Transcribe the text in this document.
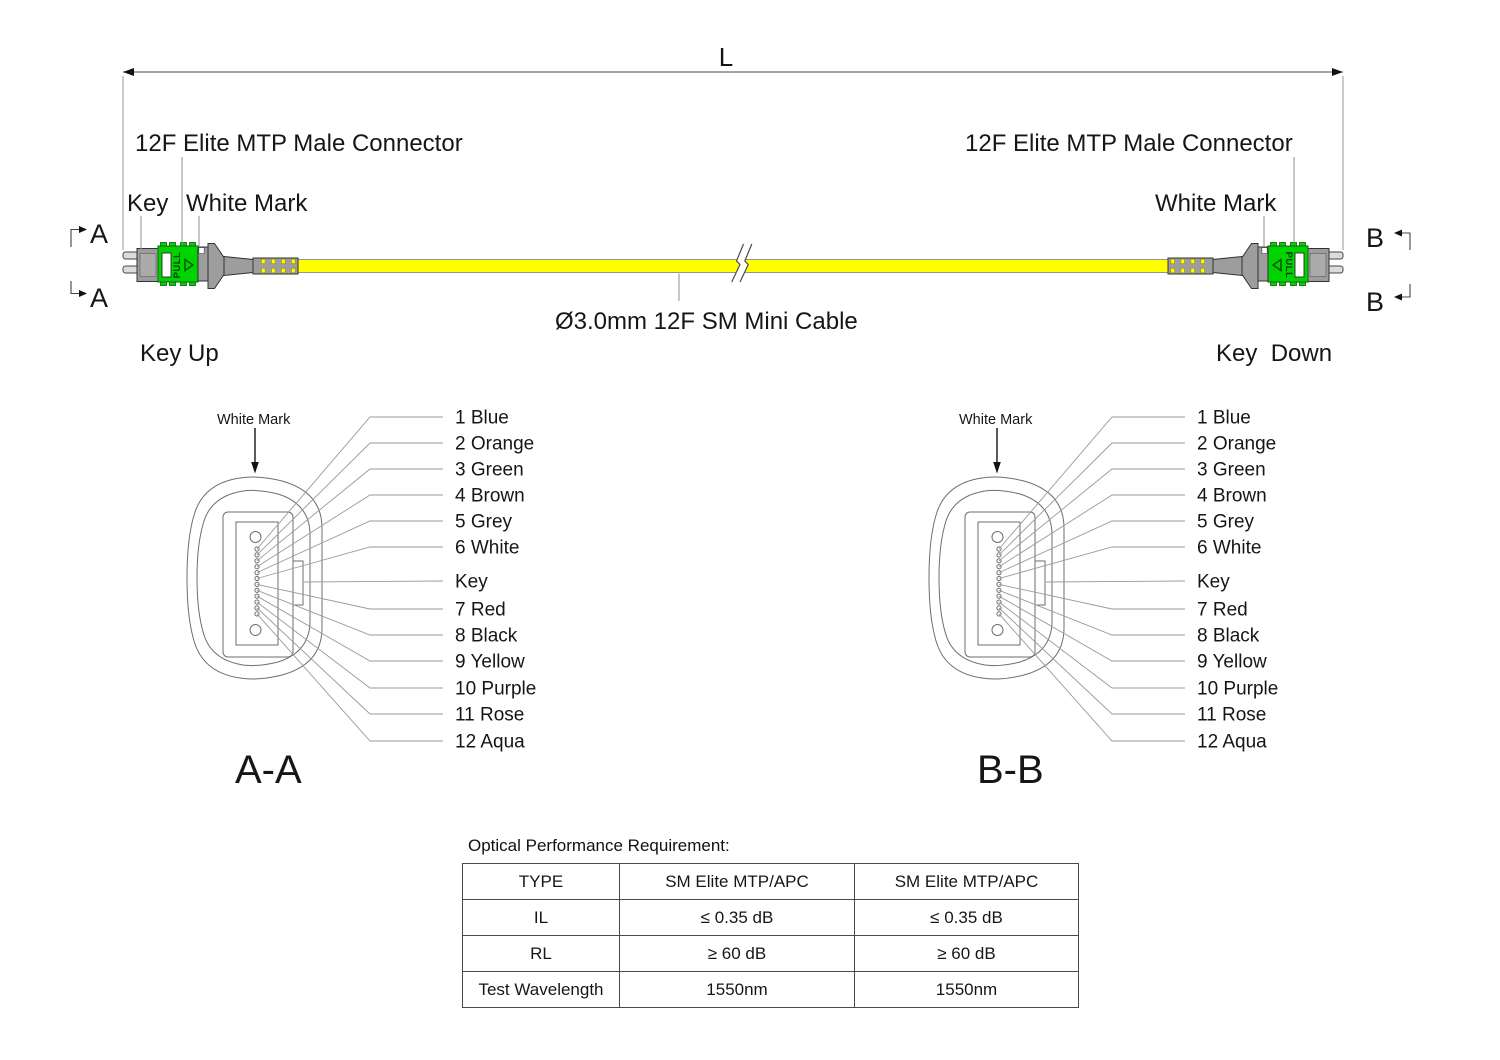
L
PULL	PULL
12F Elite MTP Male Connector	12F Elite MTP Male Connector
Key White Mark	White Mark
Key Up	Key  Down
Ø3.0mm 12F SM Mini Cable
A
A
B
B
White Mark	White Mark
1 Blue
2 Orange
3 Green
4 Brown
5 Grey
6 White
Key
7 Red
8 Black
9 Yellow
10 Purple
11 Rose
12 Aqua
1 Blue
2 Orange
3 Green
4 Brown
5 Grey
6 White
Key
7 Red
8 Black
9 Yellow
10 Purple
11 Rose
12 Aqua
A-A	B-B
Optical Performance Requirement:
TYPE	SM Elite MTP/APC	SM Elite MTP/APC
IL	≤ 0.35 dB	≤ 0.35 dB
RL	≥ 60 dB	≥ 60 dB
Test Wavelength	1550nm	1550nm
